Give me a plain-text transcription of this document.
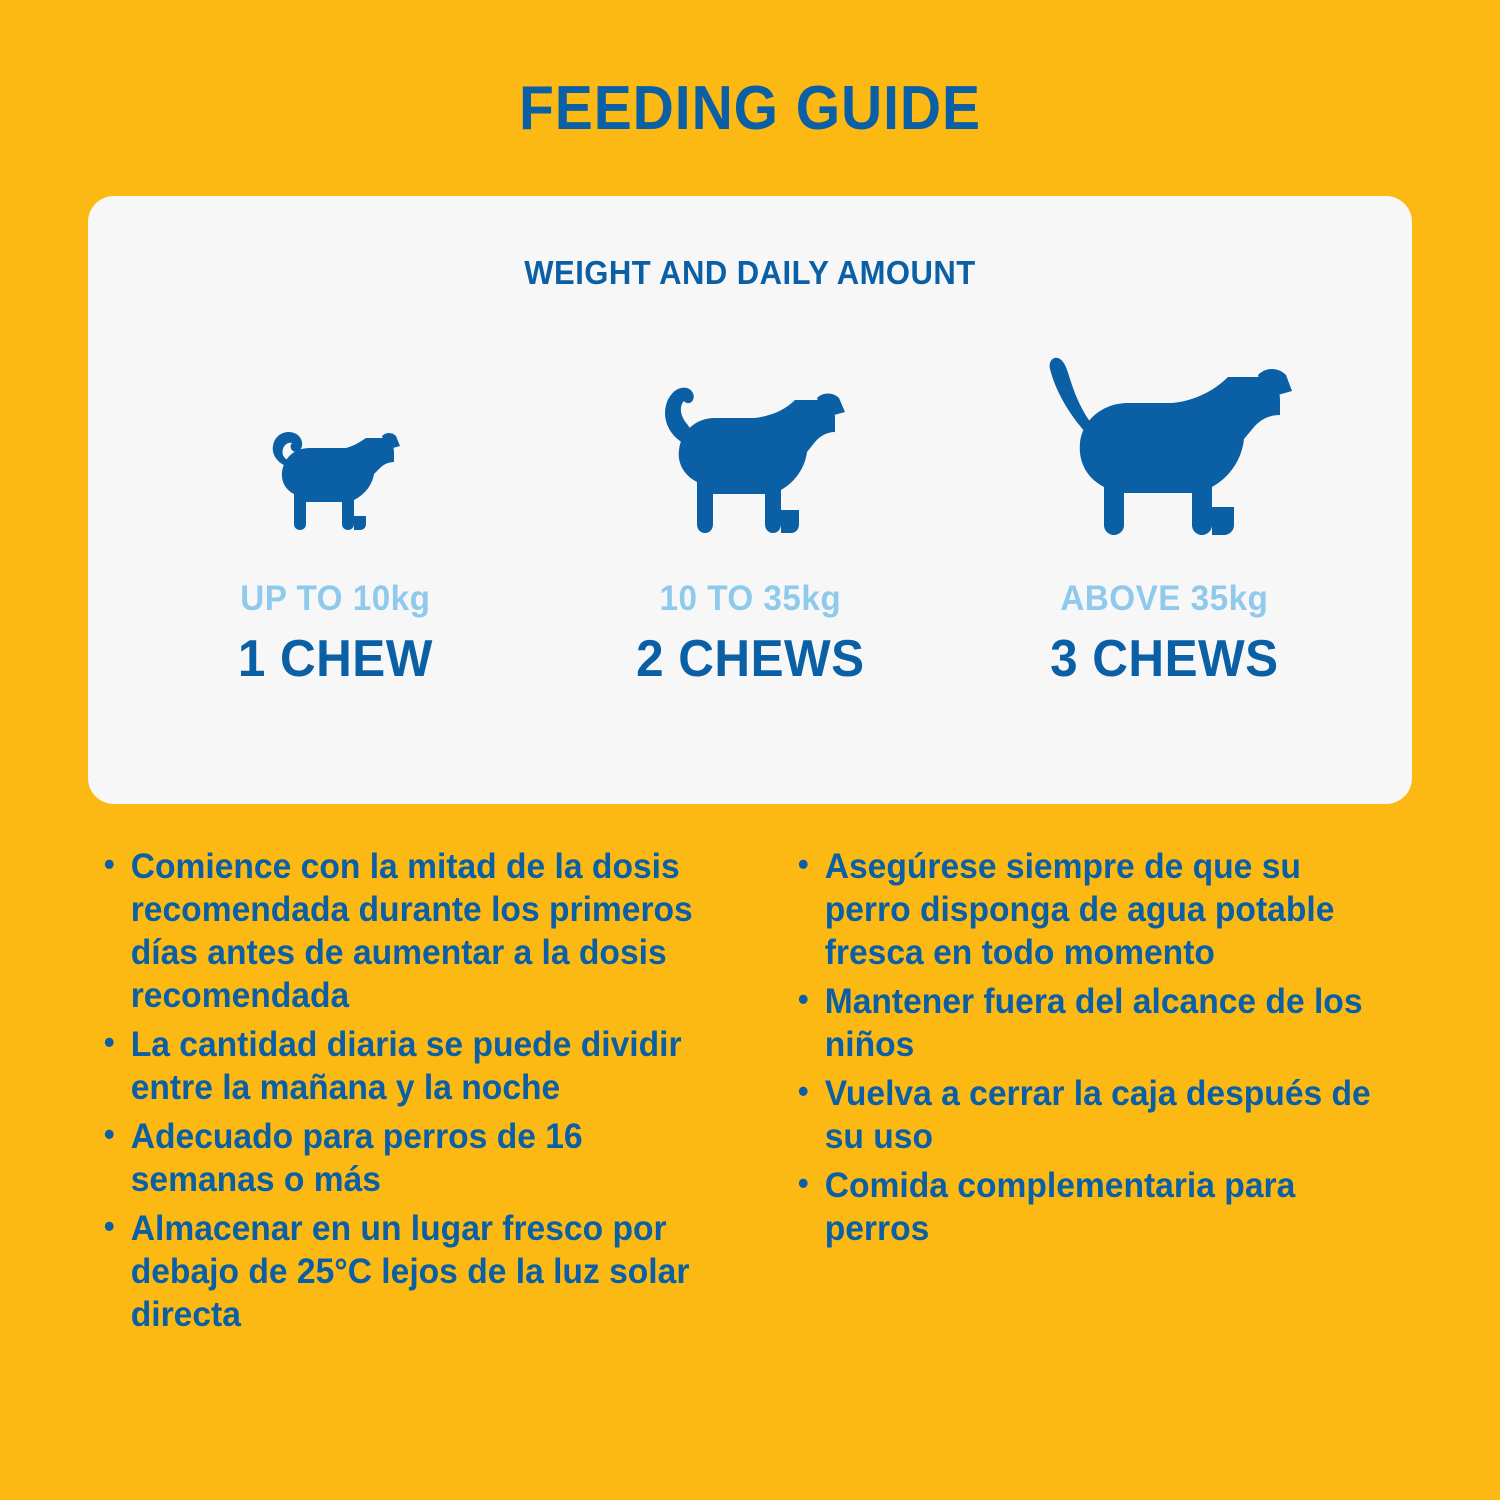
FEEDING GUIDE
WEIGHT AND DAILY AMOUNT
UP TO 10kg
1 CHEW
10 TO 35kg
2 CHEWS
ABOVE 35kg
3 CHEWS
• Comience con la mitad de la dosis recomendada durante los primeros días antes de aumentar a la dosis recomendada
• La cantidad diaria se puede dividir entre la mañana y la noche
• Adecuado para perros de 16 semanas o más
• Almacenar en un lugar fresco por debajo de 25°C lejos de la luz solar directa
• Asegúrese siempre de que su perro disponga de agua potable fresca en todo momento
• Mantener fuera del alcance de los niños
• Vuelva a cerrar la caja después de su uso
• Comida complementaria para perros
